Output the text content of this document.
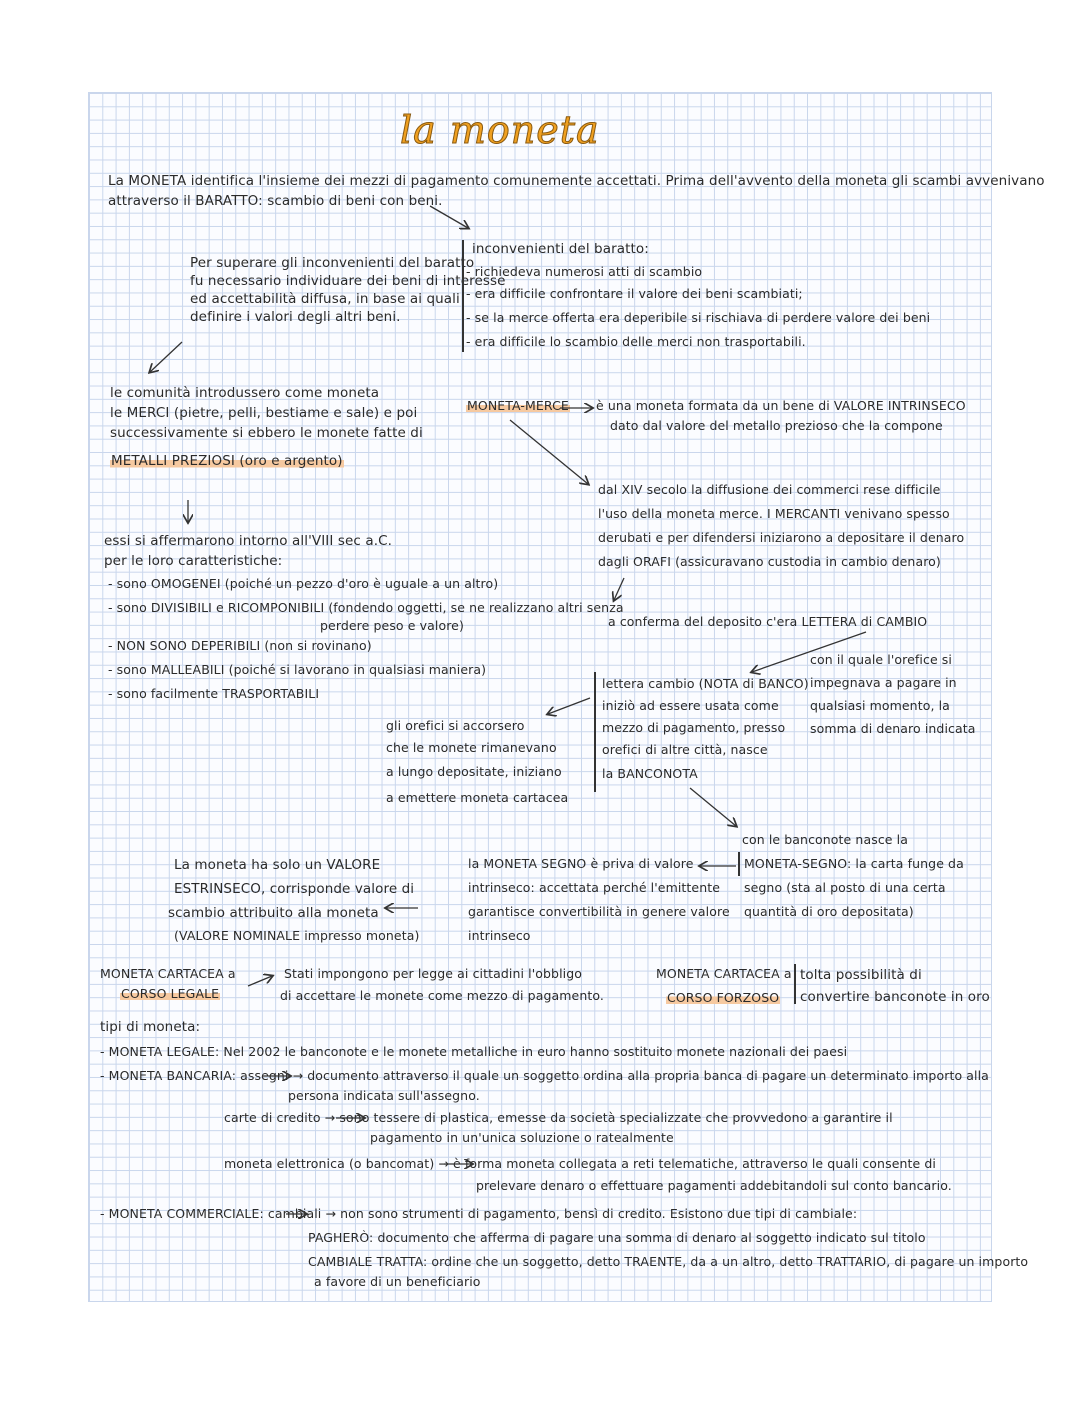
la moneta
La MONETA identifica l'insieme dei mezzi di pagamento comunemente accettati. Prima dell'avvento della moneta gli scambi avvenivano
attraverso il BARATTO: scambio di beni con beni.
Per superare gli inconvenienti del baratto
fu necessario individuare dei beni di interesse
ed accettabilità diffusa, in base ai quali
definire i valori degli altri beni.
inconvenienti del baratto:
- richiedeva numerosi atti di scambio
- era difficile confrontare il valore dei beni scambiati;
- se la merce offerta era deperibile si rischiava di perdere valore dei beni
- era difficile lo scambio delle merci non trasportabili.
le comunità introdussero come moneta
le MERCI (pietre, pelli, bestiame e sale) e poi
successivamente si ebbero le monete fatte di
METALLI PREZIOSI (oro e argento)
MONETA-MERCE è una moneta formata da un bene di VALORE INTRINSECO
dato dal valore del metallo prezioso che la compone
dal XIV secolo la diffusione dei commerci rese difficile
l'uso della moneta merce. I MERCANTI venivano spesso
derubati e per difendersi iniziarono a depositare il denaro
dagli ORAFI (assicuravano custodia in cambio denaro)
essi si affermarono intorno all'VIII sec a.C.
per le loro caratteristiche:
- sono OMOGENEI (poiché un pezzo d'oro è uguale a un altro)
- sono DIVISIBILI e RICOMPONIBILI (fondendo oggetti, se ne realizzano altri senza
perdere peso e valore)
- NON SONO DEPERIBILI (non si rovinano)
- sono MALLEABILI (poiché si lavorano in qualsiasi maniera)
- sono facilmente TRASPORTABILI
a conferma del deposito c'era LETTERA di CAMBIO
con il quale l'orefice si
impegnava a pagare in
qualsiasi momento, la
somma di denaro indicata
lettera cambio (NOTA di BANCO)
iniziò ad essere usata come
mezzo di pagamento, presso
orefici di altre città, nasce
la BANCONOTA
gli orefici si accorsero
che le monete rimanevano
a lungo depositate, iniziano
a emettere moneta cartacea
con le banconote nasce la
MONETA-SEGNO: la carta funge da
segno (sta al posto di una certa
quantità di oro depositata)
la MONETA SEGNO è priva di valore
intrinseco: accettata perché l'emittente
garantisce convertibilità in genere valore
intrinseco
La moneta ha solo un VALORE
ESTRINSECO, corrisponde valore di
scambio attribuito alla moneta
(VALORE NOMINALE impresso moneta)
MONETA CARTACEA a
CORSO LEGALE
Stati impongono per legge ai cittadini l'obbligo
di accettare le monete come mezzo di pagamento.
MONETA CARTACEA a
CORSO FORZOSO
tolta possibilità di
convertire banconote in oro
tipi di moneta:
- MONETA LEGALE: Nel 2002 le banconote e le monete metalliche in euro hanno sostituito monete nazionali dei paesi
- MONETA BANCARIA: assegni → documento attraverso il quale un soggetto ordina alla propria banca di pagare un determinato importo alla
persona indicata sull'assegno.
carte di credito → sono tessere di plastica, emesse da società specializzate che provvedono a garantire il
pagamento in un'unica soluzione o ratealmente
moneta elettronica (o bancomat) → è forma moneta collegata a reti telematiche, attraverso le quali consente di
prelevare denaro o effettuare pagamenti addebitandoli sul conto bancario.
- MONETA COMMERCIALE: cambiali → non sono strumenti di pagamento, bensì di credito. Esistono due tipi di cambiale:
PAGHERÒ: documento che afferma di pagare una somma di denaro al soggetto indicato sul titolo
CAMBIALE TRATTA: ordine che un soggetto, detto TRAENTE, da a un altro, detto TRATTARIO, di pagare un importo
a favore di un beneficiario
